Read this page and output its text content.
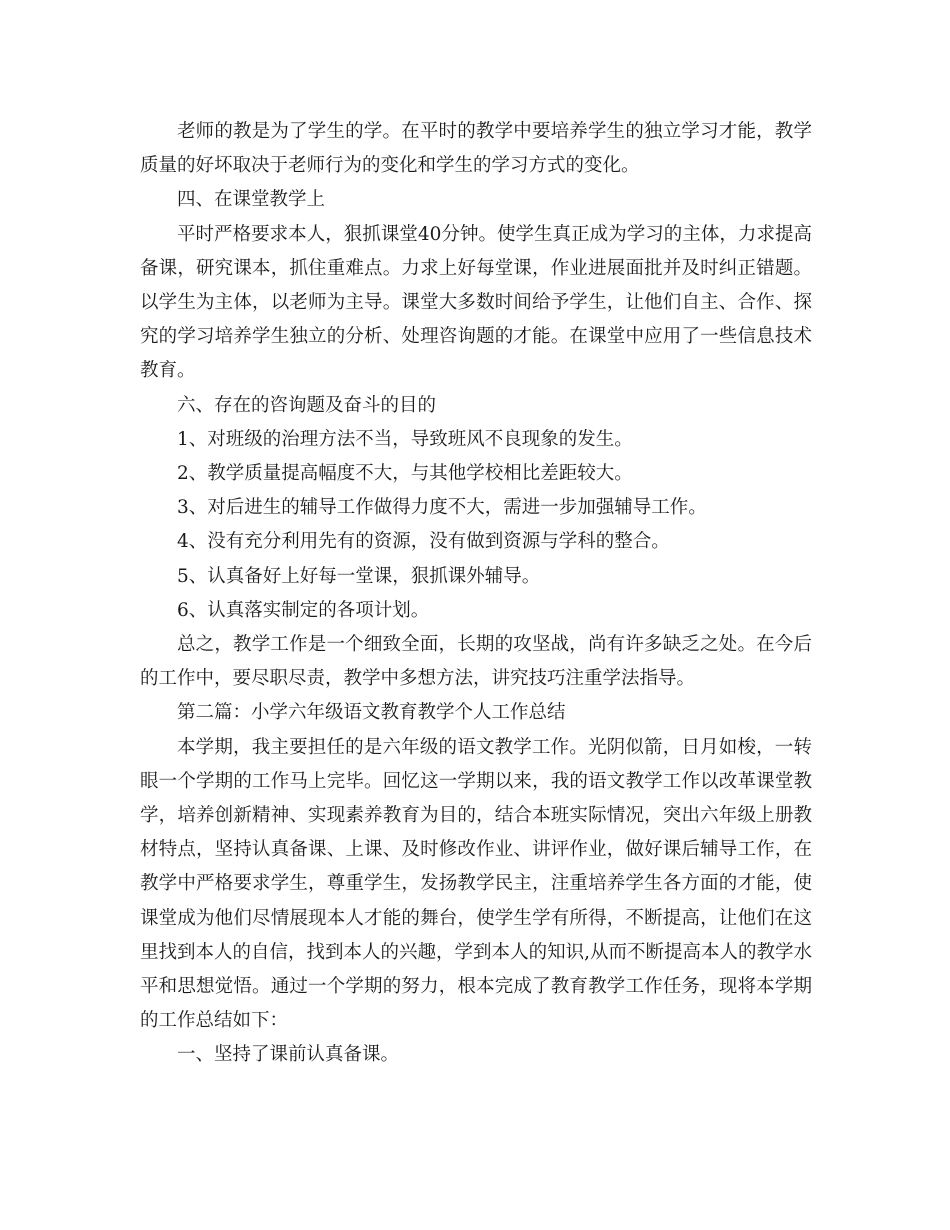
老师的教是为了学生的学。在平时的教学中要培养学生的独立学习才能，教学质量的好坏取决于老师行为的变化和学生的学习方式的变化。

四、在课堂教学上

平时严格要求本人，狠抓课堂40分钟。使学生真正成为学习的主体，力求提高备课，研究课本，抓住重难点。力求上好每堂课，作业进展面批并及时纠正错题。以学生为主体，以老师为主导。课堂大多数时间给予学生，让他们自主、合作、探究的学习培养学生独立的分析、处理咨询题的才能。在课堂中应用了一些信息技术教育。

六、存在的咨询题及奋斗的目的

1、对班级的治理方法不当，导致班风不良现象的发生。

2、教学质量提高幅度不大，与其他学校相比差距较大。

3、对后进生的辅导工作做得力度不大，需进一步加强辅导工作。

4、没有充分利用先有的资源，没有做到资源与学科的整合。

5、认真备好上好每一堂课，狠抓课外辅导。

6、认真落实制定的各项计划。

总之，教学工作是一个细致全面，长期的攻坚战，尚有许多缺乏之处。在今后的工作中，要尽职尽责，教学中多想方法，讲究技巧注重学法指导。

第二篇：小学六年级语文教育教学个人工作总结

本学期，我主要担任的是六年级的语文教学工作。光阴似箭，日月如梭，一转眼一个学期的工作马上完毕。回忆这一学期以来，我的语文教学工作以改革课堂教学，培养创新精神、实现素养教育为目的，结合本班实际情况，突出六年级上册教材特点，坚持认真备课、上课、及时修改作业、讲评作业，做好课后辅导工作，在教学中严格要求学生，尊重学生，发扬教学民主，注重培养学生各方面的才能，使课堂成为他们尽情展现本人才能的舞台，使学生学有所得，不断提高，让他们在这里找到本人的自信，找到本人的兴趣，学到本人的知识,从而不断提高本人的教学水平和思想觉悟。通过一个学期的努力，根本完成了教育教学工作任务，现将本学期的工作总结如下：

一、坚持了课前认真备课。
